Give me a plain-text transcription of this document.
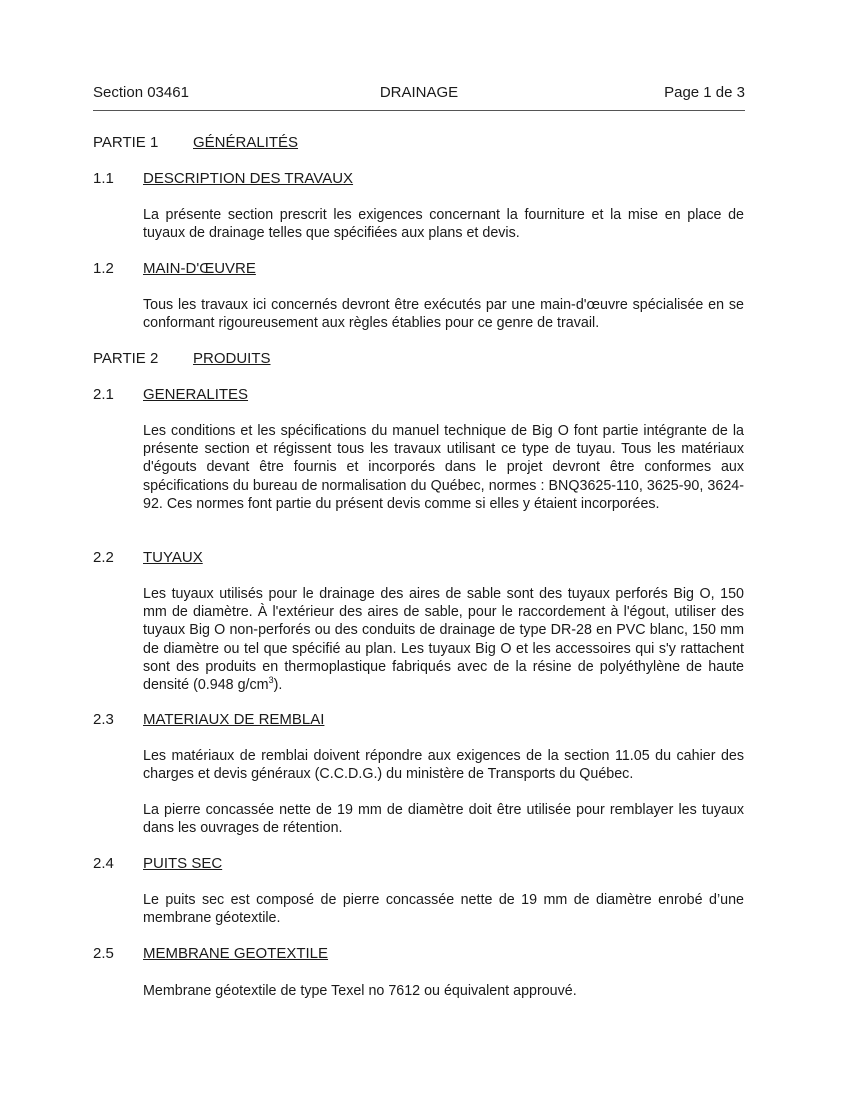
Section 03461	DRAINAGE	Page 1 de 3
PARTIE 1 GÉNÉRALITÉS
1.1 DESCRIPTION DES TRAVAUX
La présente section prescrit les exigences concernant la fourniture et la mise en place de tuyaux de drainage telles que spécifiées aux plans et devis.
1.2 MAIN-D'ŒUVRE
Tous les travaux ici concernés devront être exécutés par une main-d'œuvre spécialisée en se conformant rigoureusement aux règles établies pour ce genre de travail.
PARTIE 2 PRODUITS
2.1 GENERALITES
Les conditions et les spécifications du manuel technique de Big O font partie intégrante de la présente section et régissent tous les travaux utilisant ce type de tuyau. Tous les matériaux d'égouts devant être fournis et incorporés dans le projet devront être conformes aux spécifications du bureau de normalisation du Québec, normes : BNQ3625-110, 3625-90, 3624-92. Ces normes font partie du présent devis comme si elles y étaient incorporées.
2.2 TUYAUX
Les tuyaux utilisés pour le drainage des aires de sable sont des tuyaux perforés Big O, 150 mm de diamètre. À l'extérieur des aires de sable, pour le raccordement à l'égout, utiliser des tuyaux Big O non-perforés ou des conduits de drainage de type DR-28 en PVC blanc, 150 mm de diamètre ou tel que spécifié au plan. Les tuyaux Big O et les accessoires qui s'y rattachent sont des produits en thermoplastique fabriqués avec de la résine de polyéthylène de haute densité (0.948 $g/cm^3$).
2.3 MATERIAUX DE REMBLAI
Les matériaux de remblai doivent répondre aux exigences de la section 11.05 du cahier des charges et devis généraux (C.C.D.G.) du ministère de Transports du Québec.
La pierre concassée nette de 19 mm de diamètre doit être utilisée pour remblayer les tuyaux dans les ouvrages de rétention.
2.4 PUITS SEC
Le puits sec est composé de pierre concassée nette de 19 mm de diamètre enrobé d’une membrane géotextile.
2.5 MEMBRANE GEOTEXTILE
Membrane géotextile de type Texel no 7612 ou équivalent approuvé.
